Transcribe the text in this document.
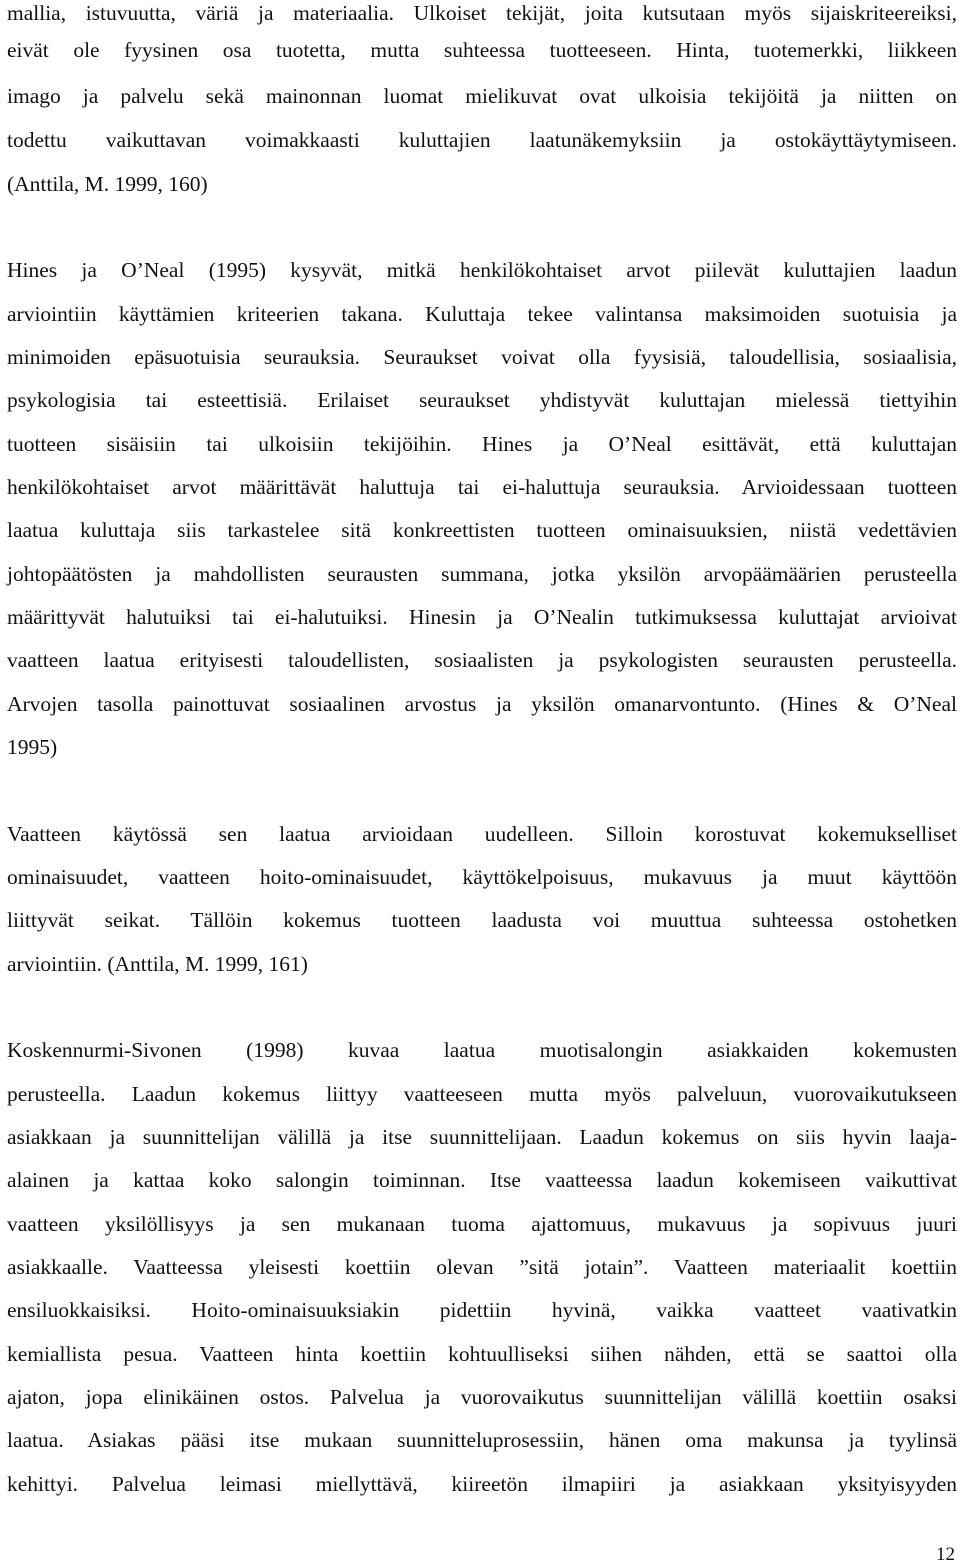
mallia, istuvuutta, väriä ja materiaalia. Ulkoiset tekijät, joita kutsutaan myös sijaiskriteereiksi,
eivät ole fyysinen osa tuotetta, mutta suhteessa tuotteeseen. Hinta, tuotemerkki, liikkeen
imago ja palvelu sekä mainonnan luomat mielikuvat ovat ulkoisia tekijöitä ja niitten on
todettu vaikuttavan voimakkaasti kuluttajien laatunäkemyksiin ja ostokäyttäytymiseen.
(Anttila, M. 1999, 160)
Hines ja O’Neal (1995) kysyvät, mitkä henkilökohtaiset arvot piilevät kuluttajien laadun
arviointiin käyttämien kriteerien takana. Kuluttaja tekee valintansa maksimoiden suotuisia ja
minimoiden epäsuotuisia seurauksia. Seuraukset voivat olla fyysisiä, taloudellisia, sosiaalisia,
psykologisia tai esteettisiä. Erilaiset seuraukset yhdistyvät kuluttajan mielessä tiettyihin
tuotteen sisäisiin tai ulkoisiin tekijöihin. Hines ja O’Neal esittävät, että kuluttajan
henkilökohtaiset arvot määrittävät haluttuja tai ei-haluttuja seurauksia. Arvioidessaan tuotteen
laatua kuluttaja siis tarkastelee sitä konkreettisten tuotteen ominaisuuksien, niistä vedettävien
johtopäätösten ja mahdollisten seurausten summana, jotka yksilön arvopäämäärien perusteella
määrittyvät halutuiksi tai ei-halutuiksi. Hinesin ja O’Nealin tutkimuksessa kuluttajat arvioivat
vaatteen laatua erityisesti taloudellisten, sosiaalisten ja psykologisten seurausten perusteella.
Arvojen tasolla painottuvat sosiaalinen arvostus ja yksilön omanarvontunto. (Hines & O’Neal
1995)
Vaatteen käytössä sen laatua arvioidaan uudelleen. Silloin korostuvat kokemukselliset
ominaisuudet, vaatteen hoito-ominaisuudet, käyttökelpoisuus, mukavuus ja muut käyttöön
liittyvät seikat. Tällöin kokemus tuotteen laadusta voi muuttua suhteessa ostohetken
arviointiin. (Anttila, M. 1999, 161)
Koskennurmi-Sivonen (1998) kuvaa laatua muotisalongin asiakkaiden kokemusten
perusteella. Laadun kokemus liittyy vaatteeseen mutta myös palveluun, vuorovaikutukseen
asiakkaan ja suunnittelijan välillä ja itse suunnittelijaan. Laadun kokemus on siis hyvin laaja-
alainen ja kattaa koko salongin toiminnan. Itse vaatteessa laadun kokemiseen vaikuttivat
vaatteen yksilöllisyys ja sen mukanaan tuoma ajattomuus, mukavuus ja sopivuus juuri
asiakkaalle. Vaatteessa yleisesti koettiin olevan ”sitä jotain”. Vaatteen materiaalit koettiin
ensiluokkaisiksi. Hoito-ominaisuuksiakin pidettiin hyvinä, vaikka vaatteet vaativatkin
kemiallista pesua. Vaatteen hinta koettiin kohtuulliseksi siihen nähden, että se saattoi olla
ajaton, jopa elinikäinen ostos. Palvelua ja vuorovaikutus suunnittelijan välillä koettiin osaksi
laatua. Asiakas pääsi itse mukaan suunnitteluprosessiin, hänen oma makunsa ja tyylinsä
kehittyi. Palvelua leimasi miellyttävä, kiireetön ilmapiiri ja asiakkaan yksityisyyden
12
